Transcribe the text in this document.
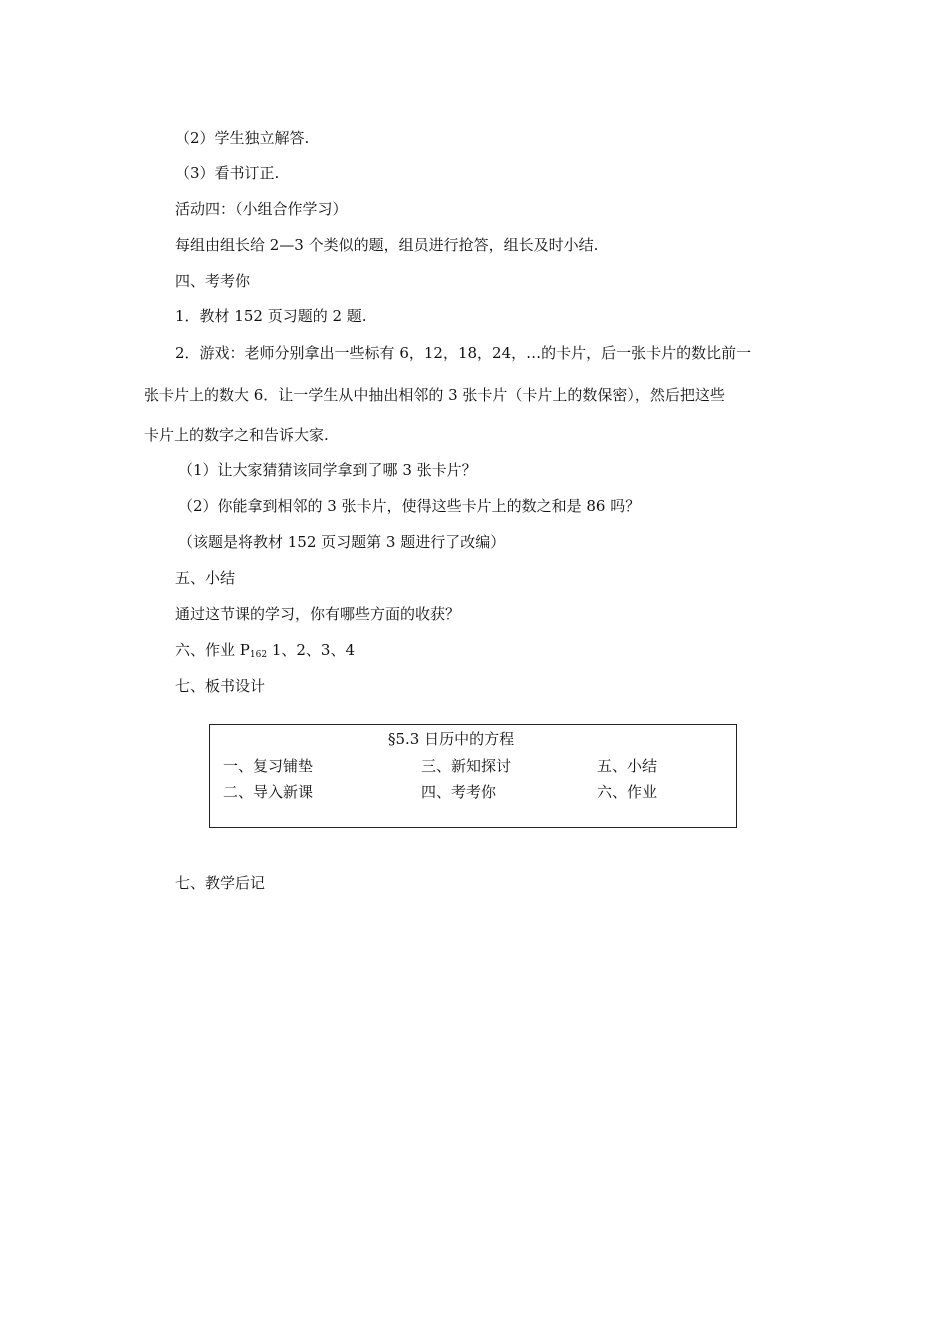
（2）学生独立解答.
（3）看书订正.
活动四：（小组合作学习）
每组由组长给 2—3 个类似的题，组员进行抢答，组长及时小结.
四、考考你
1．教材 152 页习题的 2 题.
2．游戏：老师分别拿出一些标有 6，12，18，24，…的卡片，后一张卡片的数比前一
张卡片上的数大 6．让一学生从中抽出相邻的 3 张卡片（卡片上的数保密），然后把这些
卡片上的数字之和告诉大家.
（1）让大家猜猜该同学拿到了哪 3 张卡片？
（2）你能拿到相邻的 3 张卡片，使得这些卡片上的数之和是 86 吗？
（该题是将教材 152 页习题第 3 题进行了改编）
五、小结
通过这节课的学习，你有哪些方面的收获？
六、作业 $P_{162}$ 1、2、3、4
七、板书设计
§5.3 日历中的方程
一、复习铺垫	三、新知探讨	五、小结
二、导入新课	四、考考你	六、作业
七、教学后记
